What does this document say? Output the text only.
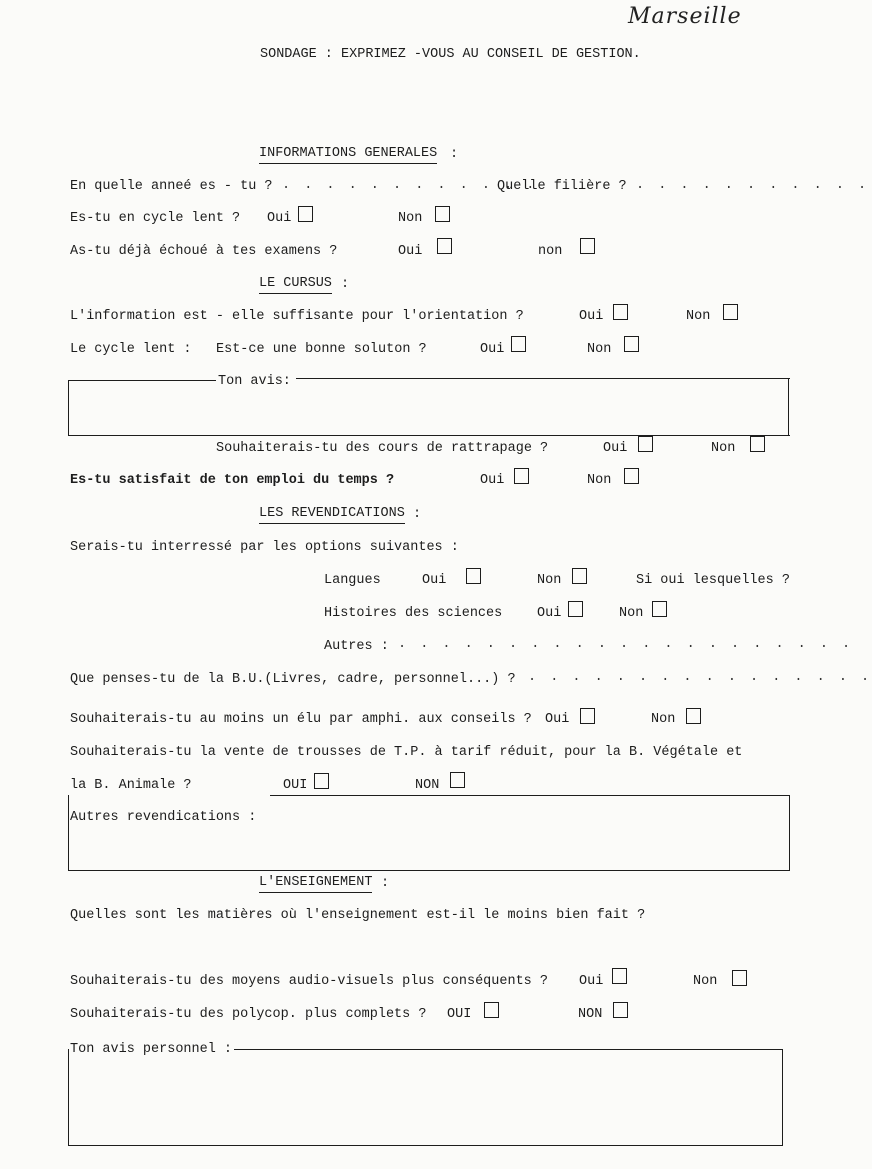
Marseille
SONDAGE : EXPRIMEZ -VOUS AU CONSEIL DE GESTION.
INFORMATIONS GENERALES :
En quelle anneé es - tu ? . . . . . . . . . . . .
Quelle filière ? . . . . . . . . . . .
Es-tu en cycle lent ? Oui	Non
As-tu déjà échoué à tes examens ?	Oui	non
LE CURSUS :
L'information est - elle suffisante pour l'orientation ?	Oui	Non
Le cycle lent : Est-ce une bonne soluton ?	Oui	Non
Ton avis:
Souhaiterais-tu des cours de rattrapage ?	Oui	Non
Es-tu satisfait de ton emploi du temps ?	Oui	Non
LES REVENDICATIONS :
Serais-tu interressé par les options suivantes :
Langues	Oui	Non	Si oui lesquelles ?
Histoires des sciences	Oui	Non
Autres : . . . . . . . . . . . . . . . . . . . . .
Que penses-tu de la B.U.(Livres, cadre, personnel...) ? . . . . . . . . . . . . . . . .
Souhaiterais-tu au moins un élu par amphi. aux conseils ? Oui	Non
Souhaiterais-tu la vente de trousses de T.P. à tarif réduit, pour la B. Végétale et
la B. Animale ?	OUI	NON
Autres revendications :
L'ENSEIGNEMENT :
Quelles sont les matières où l'enseignement est-il le moins bien fait ?
Souhaiterais-tu des moyens audio-visuels plus conséquents ? Oui	Non
Souhaiterais-tu des polycop. plus complets ? OUI	NON
Ton avis personnel :
